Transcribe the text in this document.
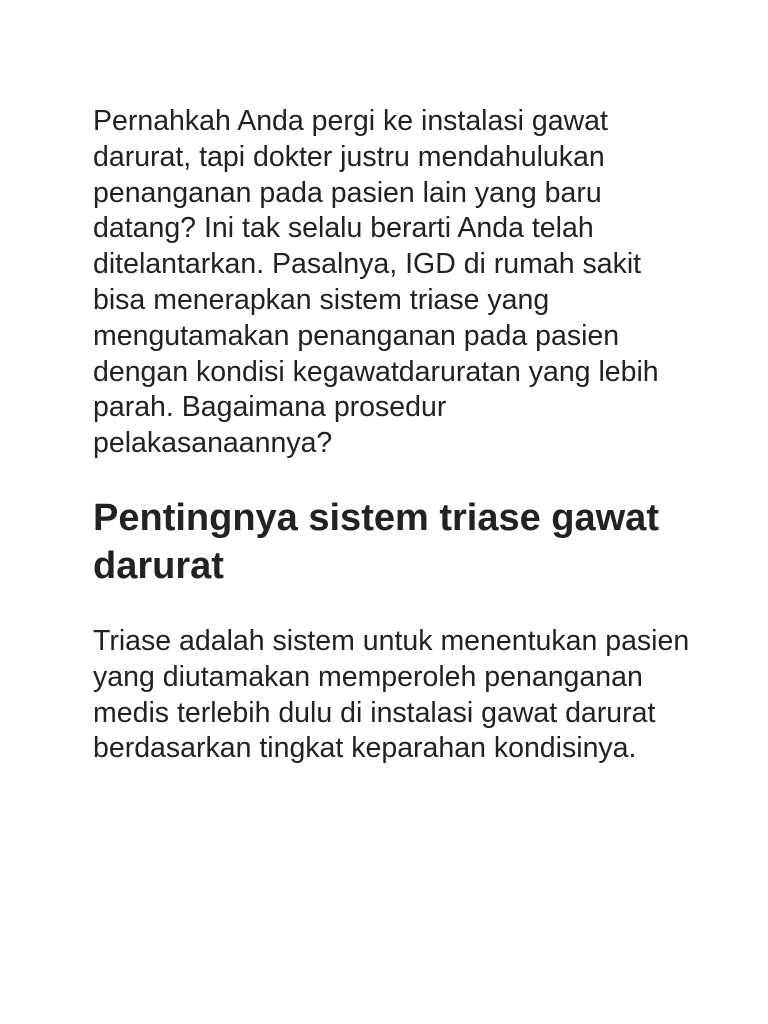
Pernahkah Anda pergi ke instalasi gawat darurat, tapi dokter justru mendahulukan penanganan pada pasien lain yang baru datang? Ini tak selalu berarti Anda telah ditelantarkan. Pasalnya, IGD di rumah sakit bisa menerapkan sistem triase yang mengutamakan penanganan pada pasien dengan kondisi kegawatdaruratan yang lebih parah. Bagaimana prosedur pelakasanaannya?

Pentingnya sistem triase gawat darurat

Triase adalah sistem untuk menentukan pasien yang diutamakan memperoleh penanganan medis terlebih dulu di instalasi gawat darurat berdasarkan tingkat keparahan kondisinya.
